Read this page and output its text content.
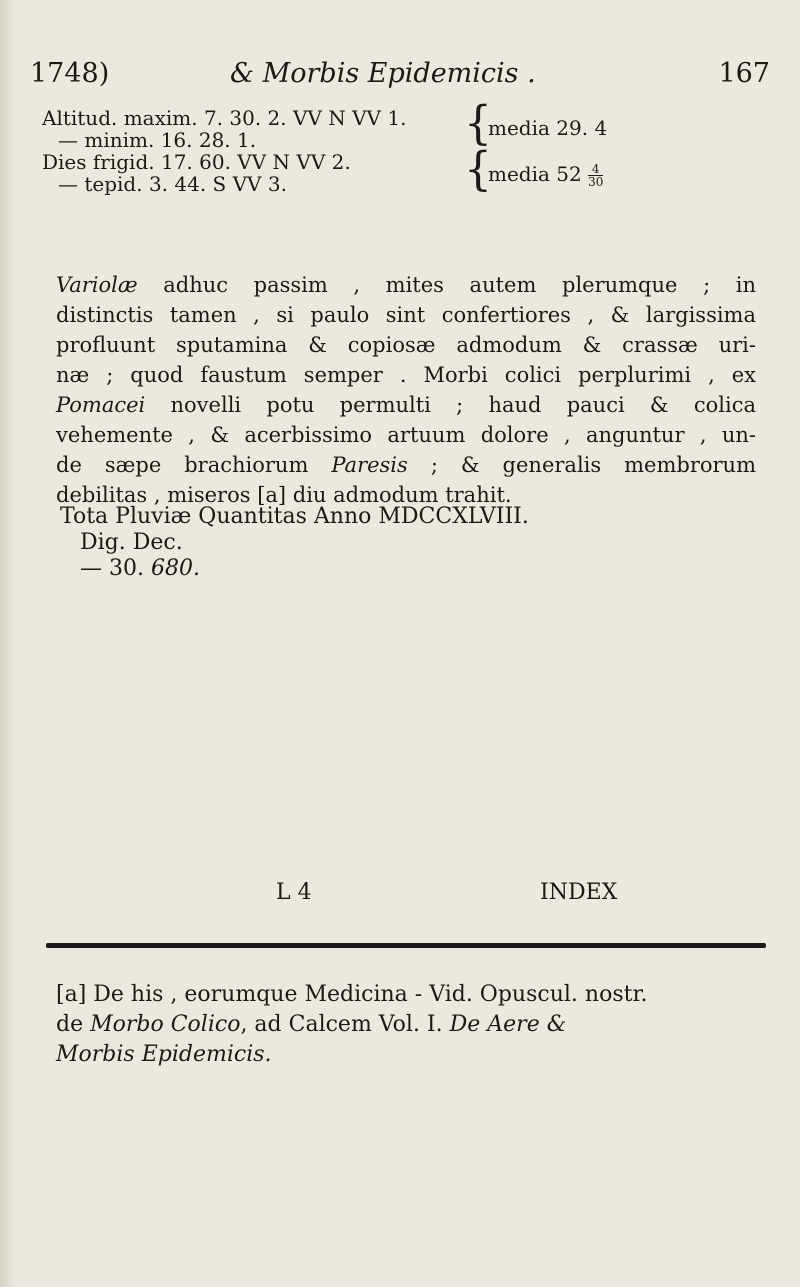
1748)	& Morbis Epidemicis .	167
Altitud. maxim. 7. 30. 2. VV N VV 1.
— minim. 16. 28. 1.
Dies frigid. 17. 60. VV N VV 2.
— tepid. 3. 44. S VV 3.
{
media 29. 4
{
media $52 \frac{4}{30}$
Variolæ adhuc passim , mites autem plerumque ; in
distinctis tamen , si paulo sint confertiores , & largissima
profluunt sputamina & copiosæ admodum & crassæ uri-
næ ; quod faustum semper . Morbi colici perplurimi , ex
Pomacei novelli potu permulti ; haud pauci & colica
vehemente , & acerbissimo artuum dolore , anguntur , un-
de sæpe brachiorum Paresis ; & generalis membrorum
debilitas , miseros [a] diu admodum trahit.
Tota Pluviæ Quantitas Anno MDCCXLVIII.
Dig. Dec.
— 30. 680.
L 4	INDEX
[a] De his , eorumque Medicina - Vid. Opuscul. nostr.
de Morbo Colico, ad Calcem Vol. I. De Aere &
Morbis Epidemicis.
